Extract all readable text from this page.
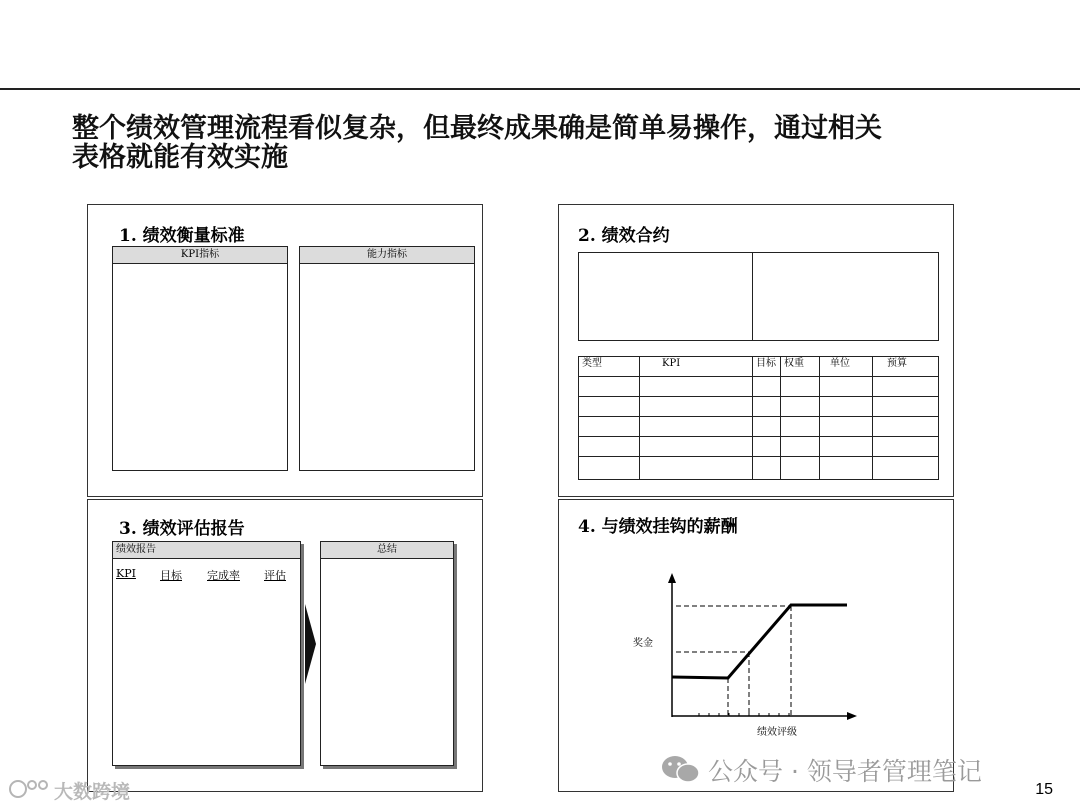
整个绩效管理流程看似复杂，但最终成果确是简单易操作，通过相关
表格就能有效实施
1. 绩效衡量标准
KPI指标	能力指标
2. 绩效合约
类型	KPI	目标	权重	单位	预算

3. 绩效评估报告
绩效报告
KPI 目标 完成率 评估
总结
4. 与绩效挂钩的薪酬
奖金
绩效评级
大数跨境
公众号 · 领导者管理笔记
15
